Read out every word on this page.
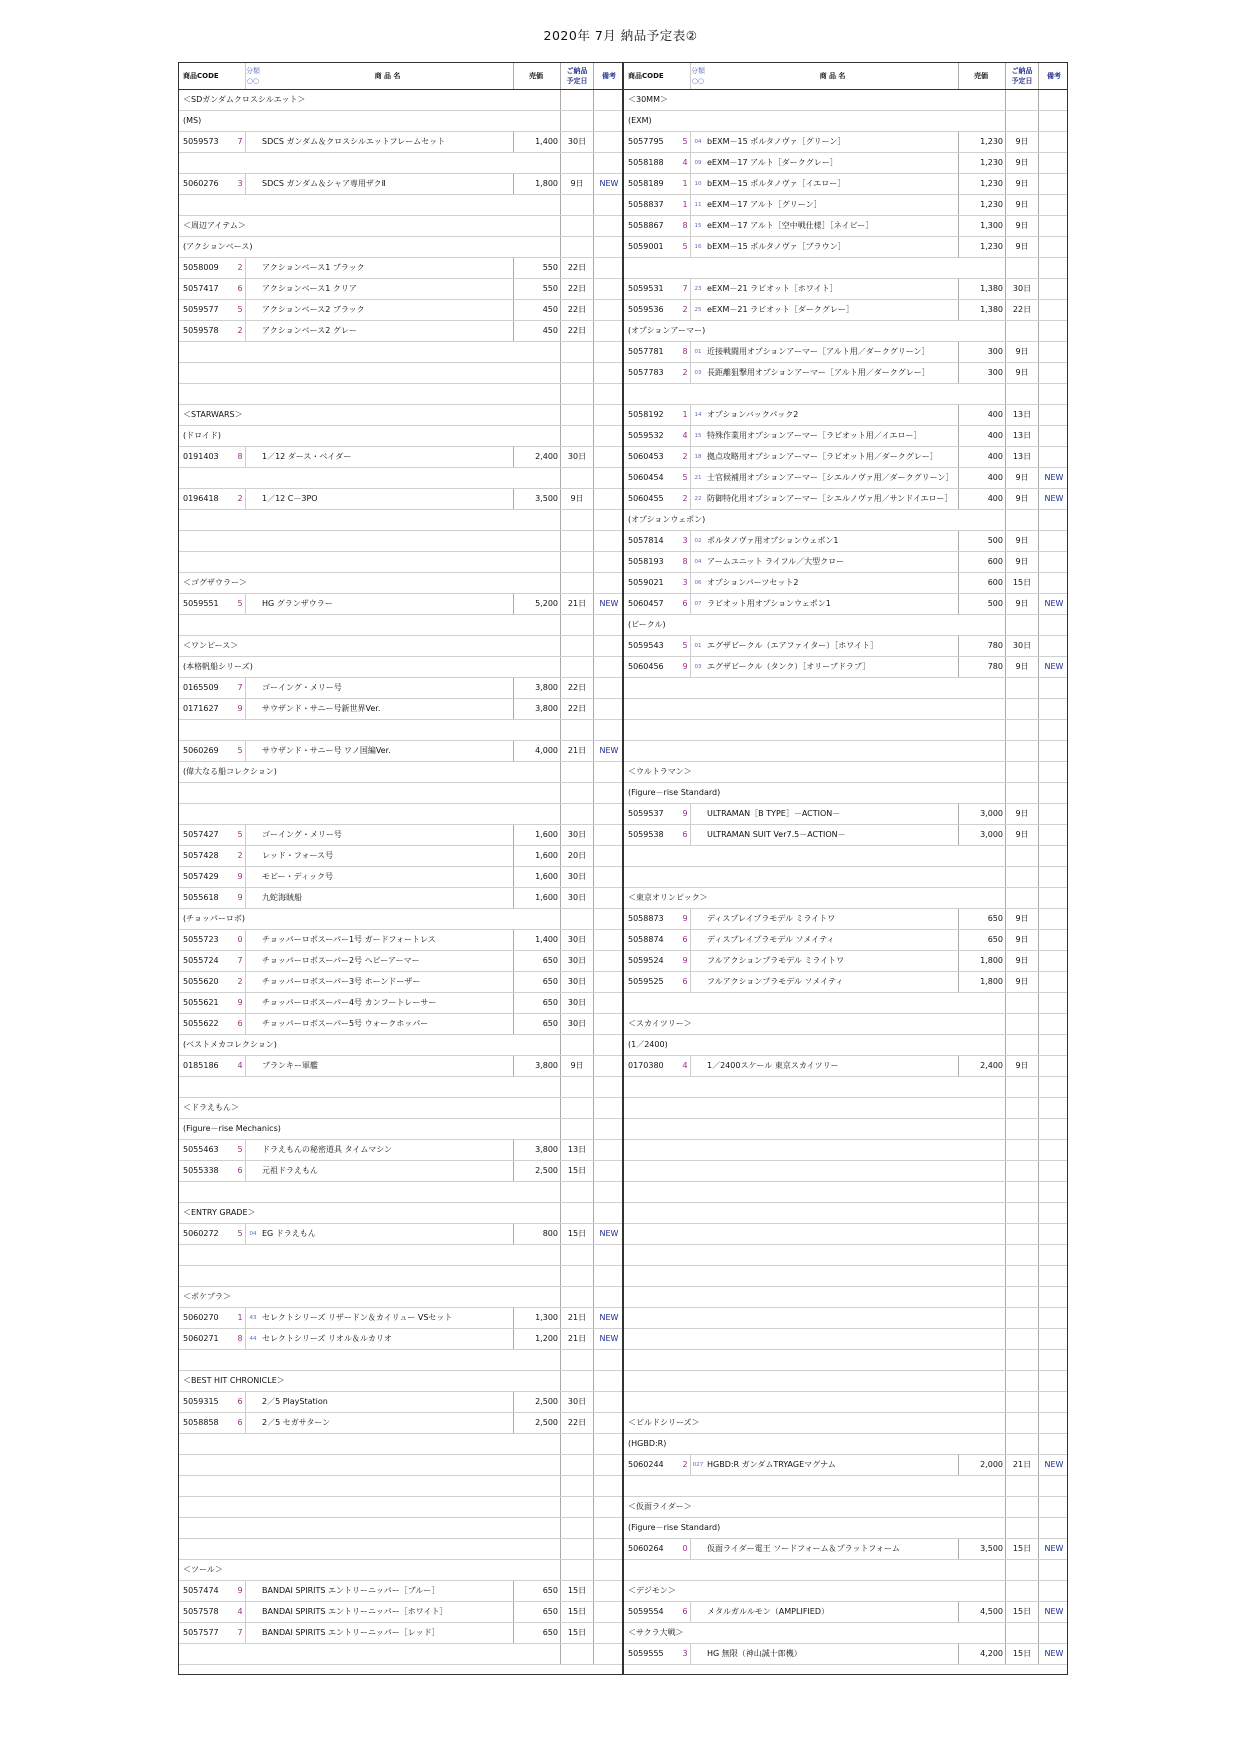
2020年 7月 納品予定表②
商品CODE		分類
○○	商 品 名	売価	ご納品
予定日	備考
＜SDガンダムクロスシルエット＞						
(MS)						
5059573	7		SDCS ガンダム＆クロスシルエットフレームセット	1,400	30日	

5060276	3		SDCS ガンダム＆シャア専用ザクⅡ	1,800	9日	NEW

＜周辺アイテム＞						
(アクションベース)						
5058009	2		アクションベース1 ブラック	550	22日	
5057417	6		アクションベース1 クリア	550	22日	
5059577	5		アクションベース2 ブラック	450	22日	
5059578	2		アクションベース2 グレー	450	22日	

＜STARWARS＞						
(ドロイド)						
0191403	8		1／12 ダース・ベイダー	2,400	30日	

0196418	2		1／12 C－3PO	3,500	9日	

＜ゴグザウラー＞						
5059551	5		HG グランザウラー	5,200	21日	NEW

＜ワンピース＞						
(本格帆船シリーズ)						
0165509	7		ゴーイング・メリー号	3,800	22日	
0171627	9		サウザンド・サニー号新世界Ver.	3,800	22日	

5060269	5		サウザンド・サニー号 ワノ国編Ver.	4,000	21日	NEW
(偉大なる船コレクション)						

5057427	5		ゴーイング・メリー号	1,600	30日	
5057428	2		レッド・フォース号	1,600	20日	
5057429	9		モビー・ディック号	1,600	30日	
5055618	9		九蛇海賊船	1,600	30日	
(チョッパーロボ)						
5055723	0		チョッパーロボスーパー1号 ガードフォートレス	1,400	30日	
5055724	7		チョッパーロボスーパー2号 ヘビーアーマー	650	30日	
5055620	2		チョッパーロボスーパー3号 ホーンドーザー	650	30日	
5055621	9		チョッパーロボスーパー4号 カンフートレーサー	650	30日	
5055622	6		チョッパーロボスーパー5号 ウォークホッパー	650	30日	
(ベストメカコレクション)						
0185186	4		ブランキー軍艦	3,800	9日	

＜ドラえもん＞						
(Figure－rise Mechanics)						
5055463	5		ドラえもんの秘密道具 タイムマシン	3,800	13日	
5055338	6		元祖ドラえもん	2,500	15日	

＜ENTRY GRADE＞						
5060272	5	04	EG ドラえもん	800	15日	NEW

＜ポケプラ＞						
5060270	1	43	セレクトシリーズ リザードン＆カイリュー VSセット	1,300	21日	NEW
5060271	8	44	セレクトシリーズ リオル＆ルカリオ	1,200	21日	NEW

＜BEST HIT CHRONICLE＞						
5059315	6		2／5 PlayStation	2,500	30日	
5058858	6		2／5 セガサターン	2,500	22日	

＜ツール＞						
5057474	9		BANDAI SPIRITS エントリーニッパー［ブルー］	650	15日	
5057578	4		BANDAI SPIRITS エントリーニッパー［ホワイト］	650	15日	
5057577	7		BANDAI SPIRITS エントリーニッパー［レッド］	650	15日	

商品CODE		分類
○○	商 品 名	売価	ご納品
予定日	備考
＜30MM＞						
(EXM)						
5057795	5	04	bEXM－15 ポルタノヴァ［グリーン］	1,230	9日	
5058188	4	09	eEXM－17 アルト［ダークグレー］	1,230	9日	
5058189	1	10	bEXM－15 ポルタノヴァ［イエロー］	1,230	9日	
5058837	1	11	eEXM－17 アルト［グリーン］	1,230	9日	
5058867	8	15	eEXM－17 アルト［空中戦仕様］［ネイビー］	1,300	9日	
5059001	5	16	bEXM－15 ポルタノヴァ［ブラウン］	1,230	9日	

5059531	7	23	eEXM－21 ラビオット［ホワイト］	1,380	30日	
5059536	2	25	eEXM－21 ラビオット［ダークグレー］	1,380	22日	
(オプションアーマー)						
5057781	8	01	近接戦闘用オプションアーマー［アルト用／ダークグリーン］	300	9日	
5057783	2	03	長距離狙撃用オプションアーマー［アルト用／ダークグレー］	300	9日	

5058192	1	14	オプションバックパック2	400	13日	
5059532	4	15	特殊作業用オプションアーマー［ラビオット用／イエロー］	400	13日	
5060453	2	18	拠点攻略用オプションアーマー［ラビオット用／ダークグレー］	400	13日	
5060454	5	21	士官候補用オプションアーマー［シエルノヴァ用／ダークグリーン］	400	9日	NEW
5060455	2	22	防御特化用オプションアーマー［シエルノヴァ用／サンドイエロー］	400	9日	NEW
(オプションウェポン)						
5057814	3	02	ポルタノヴァ用オプションウェポン1	500	9日	
5058193	8	04	アームユニット ライフル／大型クロー	600	9日	
5059021	3	06	オプションパーツセット2	600	15日	
5060457	6	07	ラビオット用オプションウェポン1	500	9日	NEW
(ビークル)						
5059543	5	01	エグザビークル（エアファイター）［ホワイト］	780	30日	
5060456	9	03	エグザビークル（タンク）［オリーブドラブ］	780	9日	NEW

＜ウルトラマン＞						
(Figure－rise Standard)						
5059537	9		ULTRAMAN［B TYPE］－ACTION－	3,000	9日	
5059538	6		ULTRAMAN SUIT Ver7.5－ACTION－	3,000	9日	

＜東京オリンピック＞						
5058873	9		ディスプレイプラモデル ミライトワ	650	9日	
5058874	6		ディスプレイプラモデル ソメイティ	650	9日	
5059524	9		フルアクションプラモデル ミライトワ	1,800	9日	
5059525	6		フルアクションプラモデル ソメイティ	1,800	9日	

＜スカイツリー＞						
(1／2400)						
0170380	4		1／2400スケール 東京スカイツリー	2,400	9日	

＜ビルドシリーズ＞						
(HGBD:R)						
5060244	2	027	HGBD:R ガンダムTRYAGEマグナム	2,000	21日	NEW

＜仮面ライダー＞						
(Figure－rise Standard)						
5060264	0		仮面ライダー電王 ソードフォーム＆プラットフォーム	3,500	15日	NEW

＜デジモン＞						
5059554	6		メタルガルルモン（AMPLIFIED）	4,500	15日	NEW
＜サクラ大戦＞						
5059555	3		HG 無限（神山誠十郎機）	4,200	15日	NEW
